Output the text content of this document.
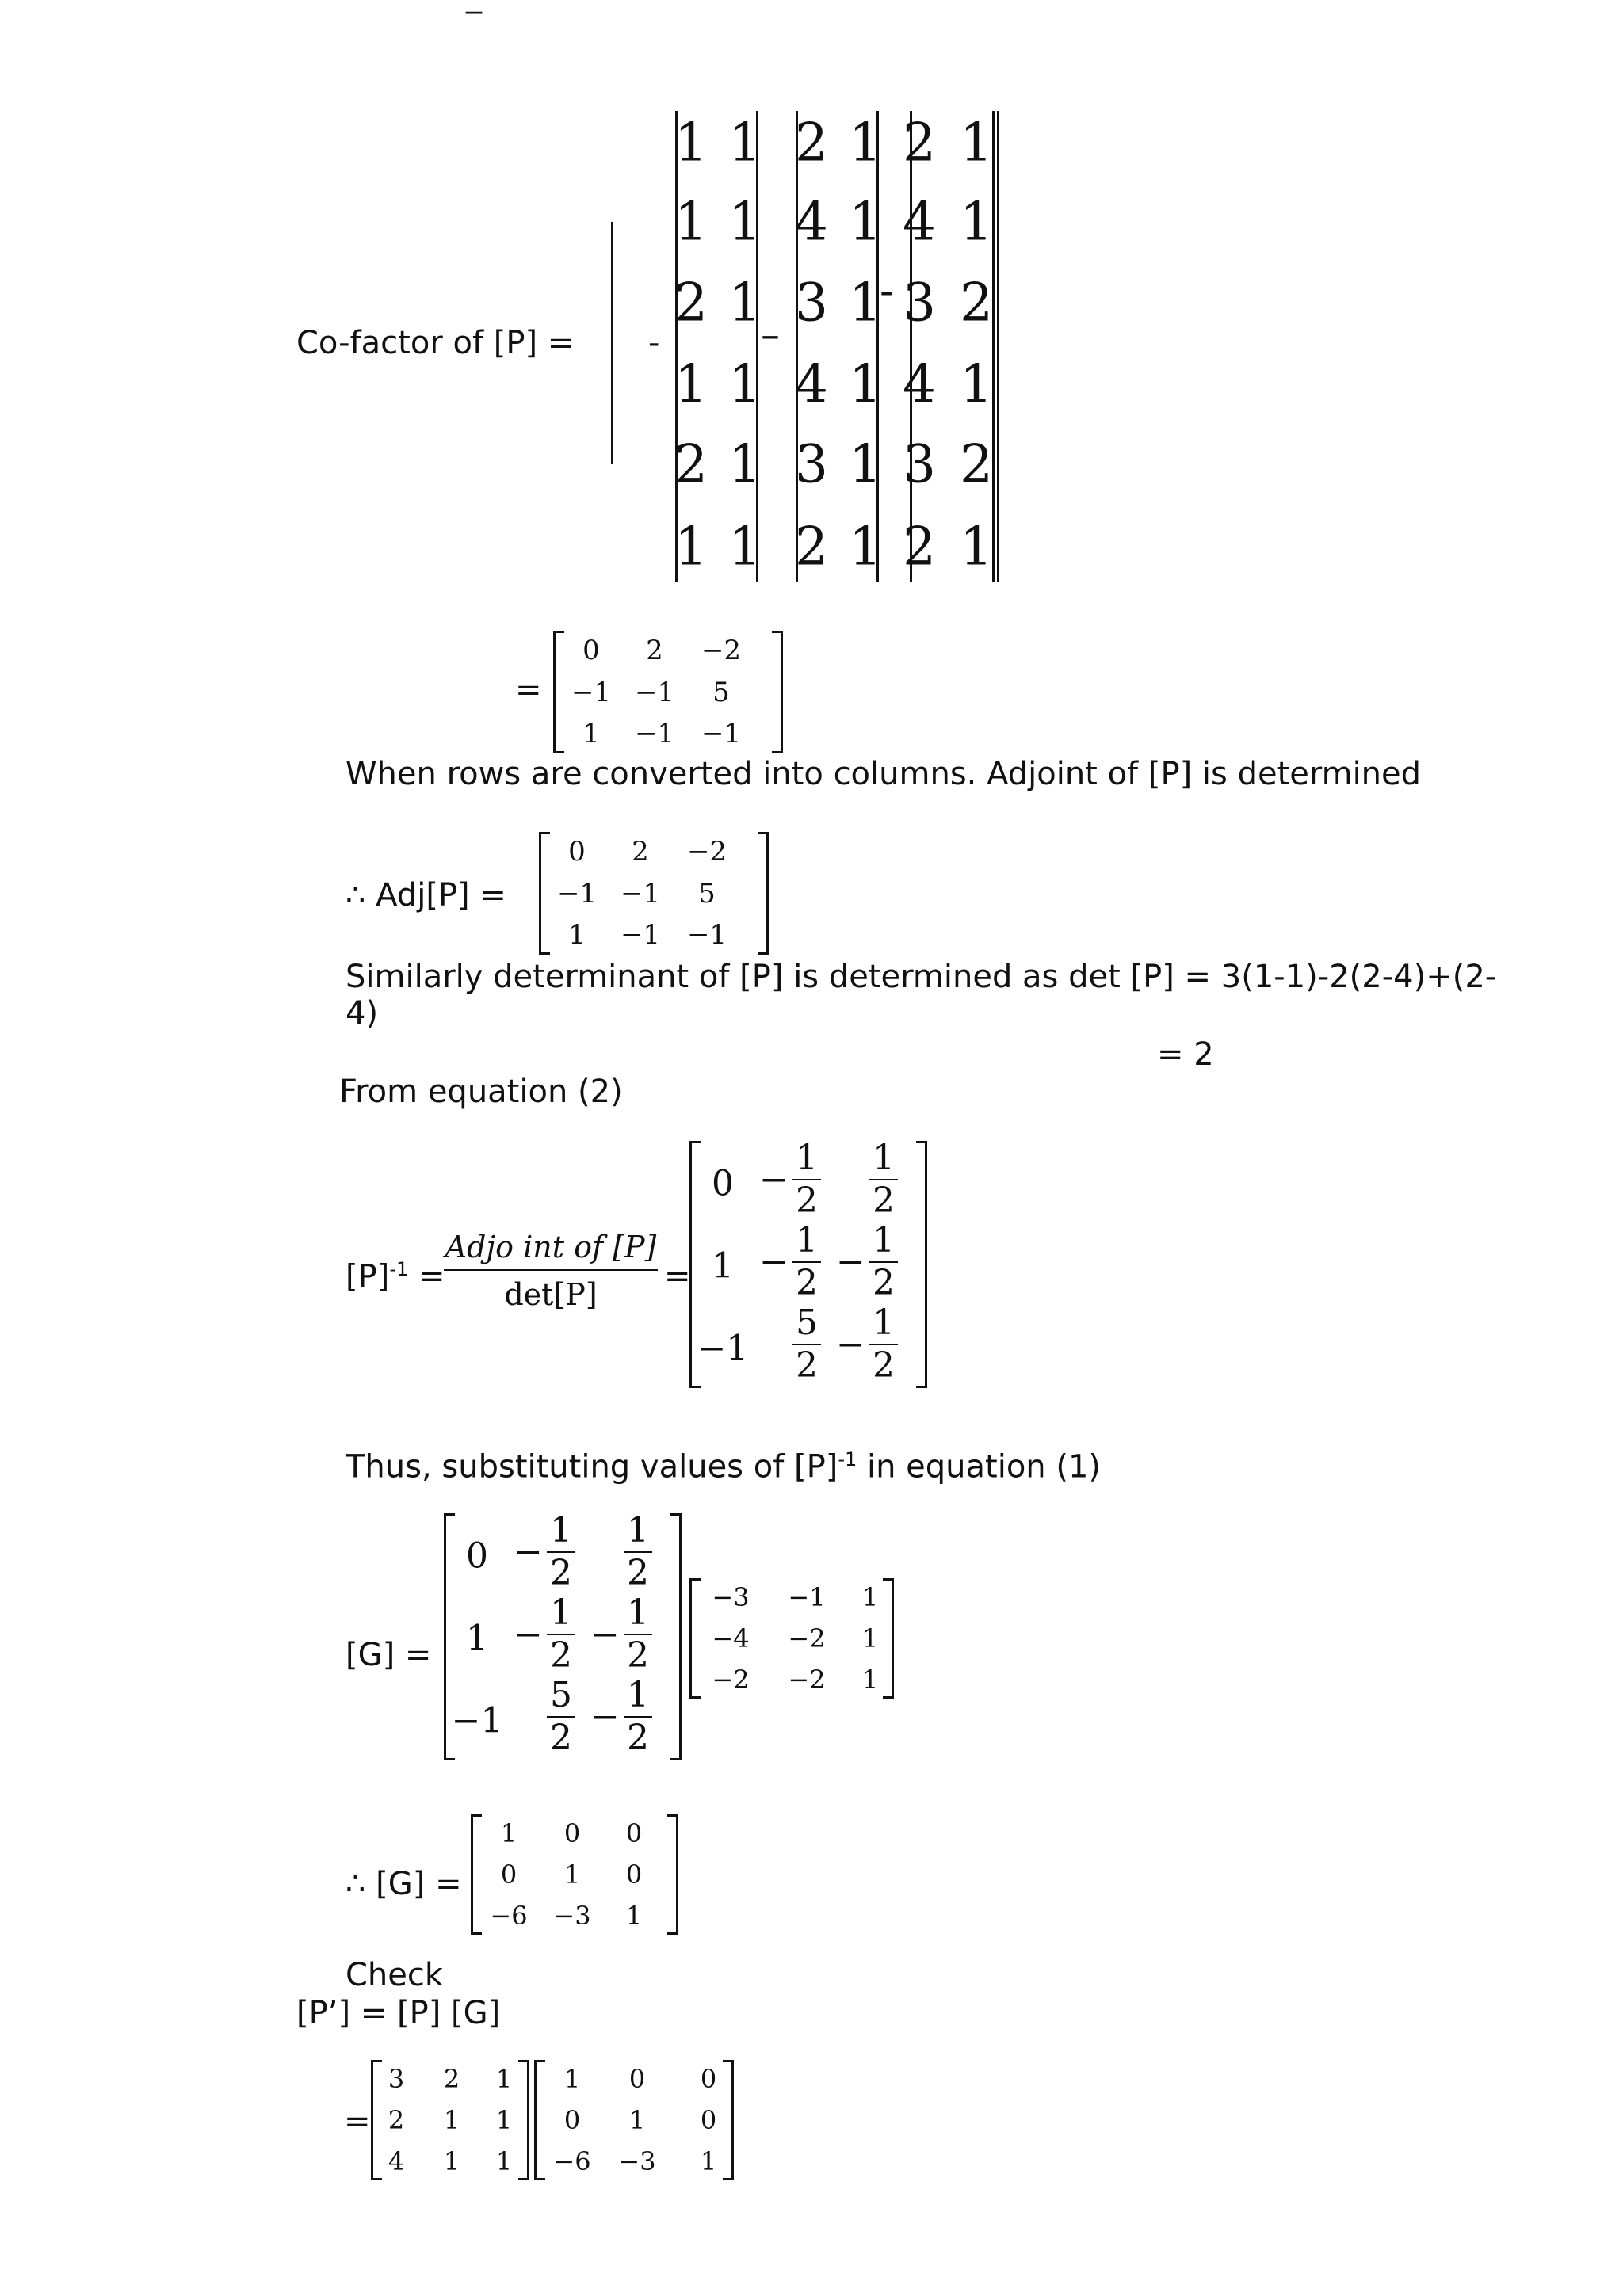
Co-factor of [P] = -	–
-
1
1
2
1
2
1
1
1
1
1
1
1
2
4
3
4
3
2
1
1
1
1
1
1
2
4
3
4
3
2
1
1
2
1
2
1
=
0 2 −2
−1 −1 5
1 −1 −1
When rows are converted into columns. Adjoint of [P] is determined
∴ Adj[P] =
0 2 −2
−1 −1 5
1 −1 −1
Similarly determinant of [P] is determined as det [P] = 3(1-1)-2(2-4)+(2-
4)
= 2
From equation (2)
$[P]^{-1}$ =
Adjo int of [P]
det[P]	=
0 −
1
2
1
2
1 −
1
2
−
1
2
−1
5
2
−
1
2
Thus, substituting values of $[P]^{-1}$ in equation (1)
[G] =
0 −
1
2
1
2
1 −
1
2
−
1
2
−1
5
2
−
1
2
−3 −1 1
−4 −2 1
−2 −2 1
∴ [G] =
1 0 0
0 1 0
−6 −3 1
Check
[P’] = [P] [G]
=
3 2 1
2 1 1
4 1 1
1 0 0
0 1 0
−6 −3 1
